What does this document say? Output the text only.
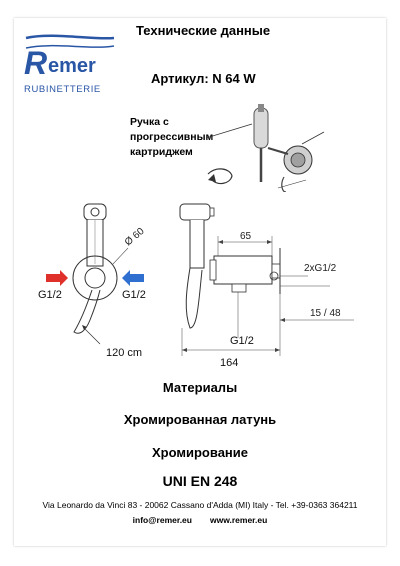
R emer
RUBINETTERIE
Технические данные
Артикул: N 64 W
Ручка с
прогрессивным
картриджем
Ø 60
G1/2	G1/2
120 cm
65
2xG1/2
15 / 48
G1/2
164
Материалы
Хромированная латунь
Хромирование
UNI EN 248
Via Leonardo da Vinci 83 - 20062 Cassano d'Adda (MI) Italy - Tel. +39-0363 364211
info@remer.eu www.remer.eu
